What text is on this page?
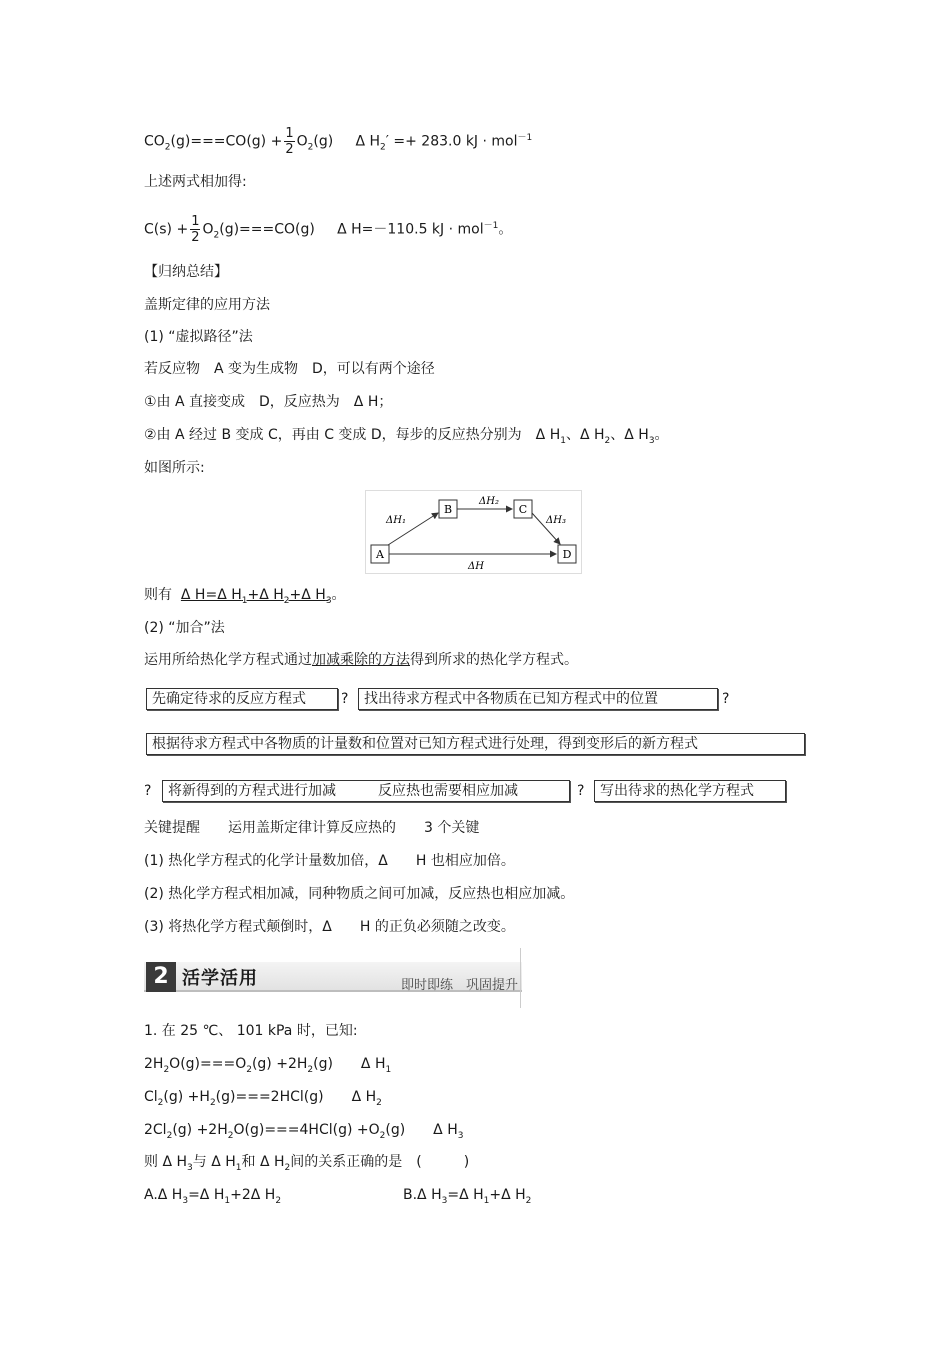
$CO_2(g)===CO(g) + \frac{1}{2} O_2(g)$ Δ $H_2' =+ 283.0$ kJ · mol$^{-1}$
上述两式相加得:
$C(s) + \frac{1}{2} O_2(g)===CO(g)$ Δ H=－110.5 kJ · mol$^{-1}$。
【归纳总结】
盖斯定律的应用方法
(1) “虚拟路径”法
若反应物　A 变为生成物　D，可以有两个途径
①由 A 直接变成　D，反应热为　Δ H；
②由 A 经过 B 变成 C，再由 C 变成 D，每步的反应热分别为　Δ $H_1$、Δ $H_2$、Δ $H_3$。
如图所示:
A
B	C
D
ΔH₁
ΔH₂
ΔH₃
ΔH
则有 Δ H=Δ $H_1+\Delta$ $H_2+\Delta$ $H_3$。
(2) “加合”法
运用所给热化学方程式通过加减乘除的方法得到所求的热化学方程式。
先确定待求的反应方程式	?	找出待求方程式中各物质在已知方程式中的位置	?
根据待求方程式中各物质的计量数和位置对已知方程式进行处理，得到变形后的新方程式
?	将新得到的方程式进行加减　　　反应热也需要相应加减	?	写出待求的热化学方程式
关键提醒　　运用盖斯定律计算反应热的　　3 个关键
(1) 热化学方程式的化学计量数加倍，Δ　　H 也相应加倍。
(2) 热化学方程式相加减，同种物质之间可加减，反应热也相应加减。
(3) 将热化学方程式颠倒时，Δ　　H 的正负必须随之改变。
2 活学活用	即时即练　巩固提升
1. 在 25 ℃、 101 kPa 时，已知:
$2H_2O(g)===O_2(g) +2H_2(g)$　　Δ $H_1$
$Cl_2(g) +H_2(g)===2HCl(g)$　　Δ $H_2$
$2Cl_2(g) +2H_2O(g)===4HCl(g) +O_2(g)$　　Δ $H_3$
则 Δ $H_3$与 Δ $H_1$和 Δ $H_2$间的关系正确的是　(　　　)
A.Δ $H_3=\Delta$ $H_1+2\Delta$ $H_2$	B.Δ $H_3=\Delta$ $H_1+\Delta$ $H_2$
